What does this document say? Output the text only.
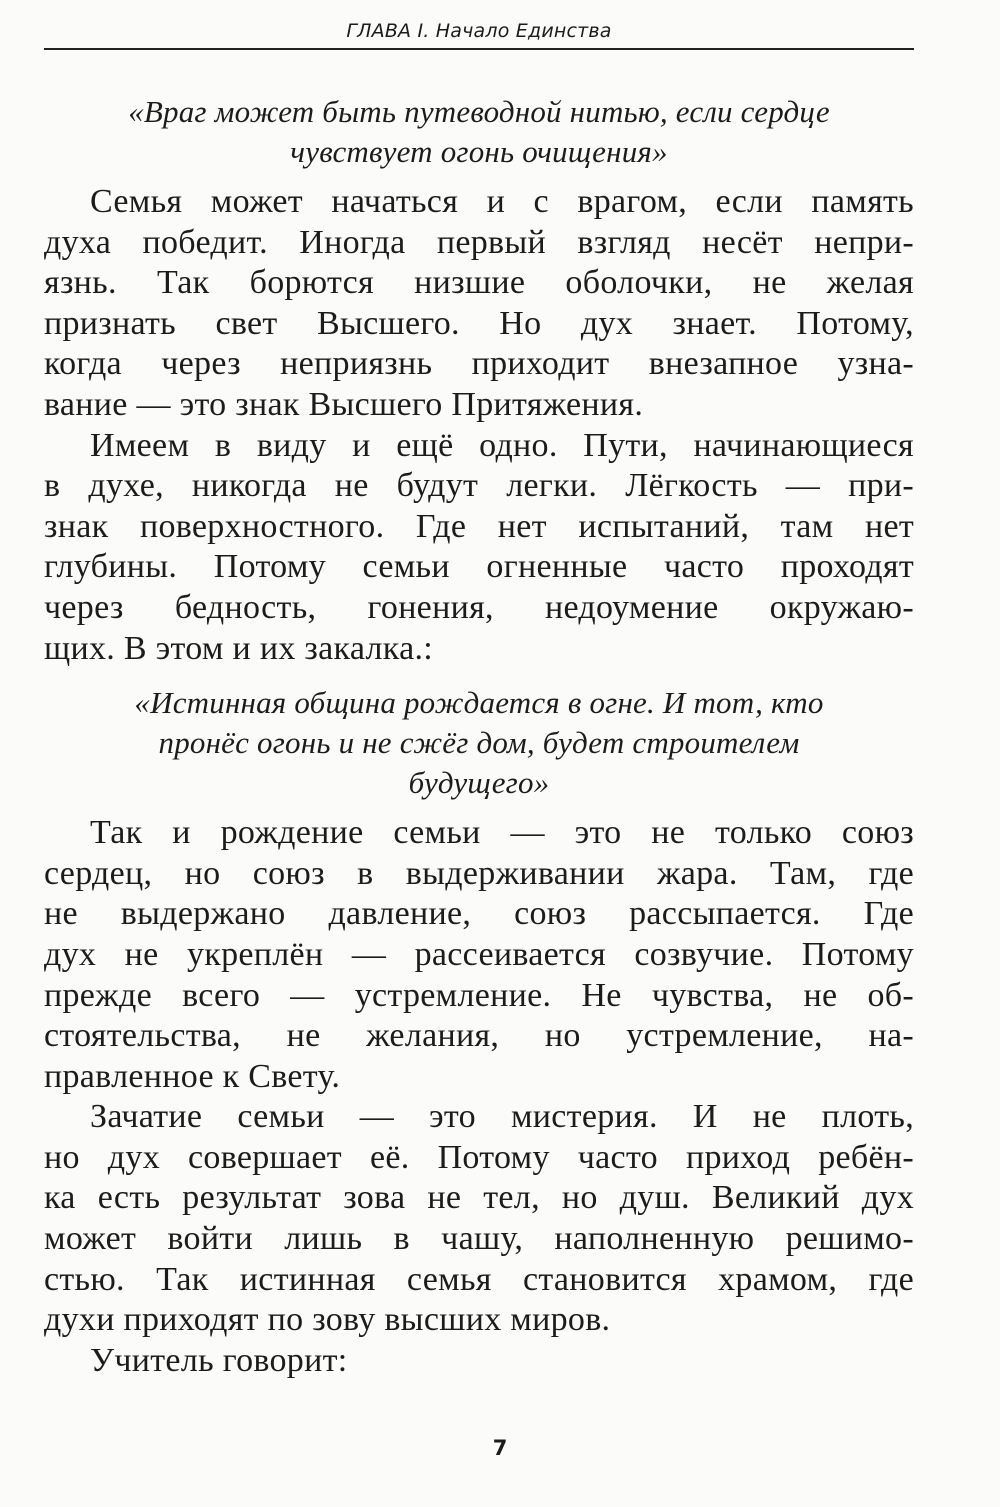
ГЛАВА I. Начало Единства
«Враг может быть путеводной нитью, если сердце
чувствует огонь очищения»
Семья может начаться и с врагом, если память
духа победит. Иногда первый взгляд несёт непри-
язнь. Так борются низшие оболочки, не желая
признать свет Высшего. Но дух знает. Потому,
когда через неприязнь приходит внезапное узна-
вание — это знак Высшего Притяжения.
Имеем в виду и ещё одно. Пути, начинающиеся
в духе, никогда не будут легки. Лёгкость — при-
знак поверхностного. Где нет испытаний, там нет
глубины. Потому семьи огненные часто проходят
через бедность, гонения, недоумение окружаю-
щих. В этом и их закалка.:
«Истинная община рождается в огне. И тот, кто
пронёс огонь и не сжёг дом, будет строителем
будущего»
Так и рождение семьи — это не только союз
сердец, но союз в выдерживании жара. Там, где
не выдержано давление, союз рассыпается. Где
дух не укреплён — рассеивается созвучие. Потому
прежде всего — устремление. Не чувства, не об-
стоятельства, не желания, но устремление, на-
правленное к Свету.
Зачатие семьи — это мистерия. И не плоть,
но дух совершает её. Потому часто приход ребён-
ка есть результат зова не тел, но душ. Великий дух
может войти лишь в чашу, наполненную решимо-
стью. Так истинная семья становится храмом, где
духи приходят по зову высших миров.
Учитель говорит:
7
